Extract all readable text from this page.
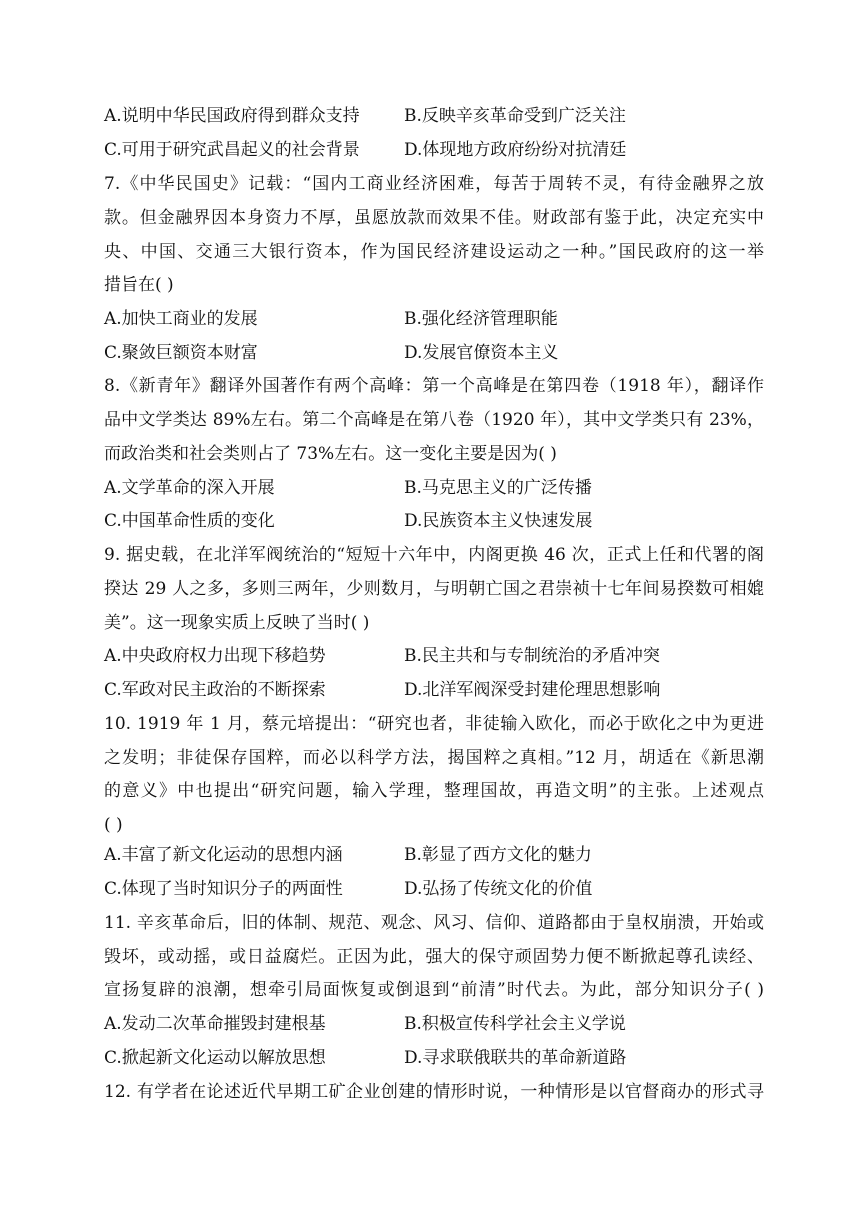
A.说明中华民国政府得到群众支持	B.反映辛亥革命受到广泛关注
C.可用于研究武昌起义的社会背景	D.体现地方政府纷纷对抗清廷
7.《中华民国史》记载：“国内工商业经济困难，每苦于周转不灵，有待金融界之放
款。但金融界因本身资力不厚，虽愿放款而效果不佳。财政部有鉴于此，决定充实中
央、中国、交通三大银行资本，作为国民经济建设运动之一种。”国民政府的这一举
措旨在( )
A.加快工商业的发展	B.强化经济管理职能
C.聚敛巨额资本财富	D.发展官僚资本主义
8.《新青年》翻译外国著作有两个高峰：第一个高峰是在第四卷（1918 年），翻译作
品中文学类达 89%左右。第二个高峰是在第八卷（1920 年），其中文学类只有 23%，
而政治类和社会类则占了 73%左右。这一变化主要是因为( )
A.文学革命的深入开展	B.马克思主义的广泛传播
C.中国革命性质的变化	D.民族资本主义快速发展
9. 据史载，在北洋军阀统治的“短短十六年中，内阁更换 46 次，正式上任和代署的阁
揆达 29 人之多，多则三两年，少则数月，与明朝亡国之君崇祯十七年间易揆数可相媲
美”。这一现象实质上反映了当时( )
A.中央政府权力出现下移趋势	B.民主共和与专制统治的矛盾冲突
C.军政对民主政治的不断探索	D.北洋军阀深受封建伦理思想影响
10. 1919 年 1 月，蔡元培提出：“研究也者，非徒输入欧化，而必于欧化之中为更进
之发明；非徒保存国粹，而必以科学方法，揭国粹之真相。”12 月，胡适在《新思潮
的意义》中也提出“研究问题，输入学理，整理国故，再造文明”的主张。上述观点
( )
A.丰富了新文化运动的思想内涵	B.彰显了西方文化的魅力
C.体现了当时知识分子的两面性	D.弘扬了传统文化的价值
11. 辛亥革命后，旧的体制、规范、观念、风习、信仰、道路都由于皇权崩溃，开始或
毁坏，或动摇，或日益腐烂。正因为此，强大的保守顽固势力便不断掀起尊孔读经、
宣扬复辟的浪潮，想牵引局面恢复或倒退到“前清”时代去。为此，部分知识分子( )
A.发动二次革命摧毁封建根基	B.积极宣传科学社会主义学说
C.掀起新文化运动以解放思想	D.寻求联俄联共的革命新道路
12. 有学者在论述近代早期工矿企业创建的情形时说，一种情形是以官督商办的形式寻
